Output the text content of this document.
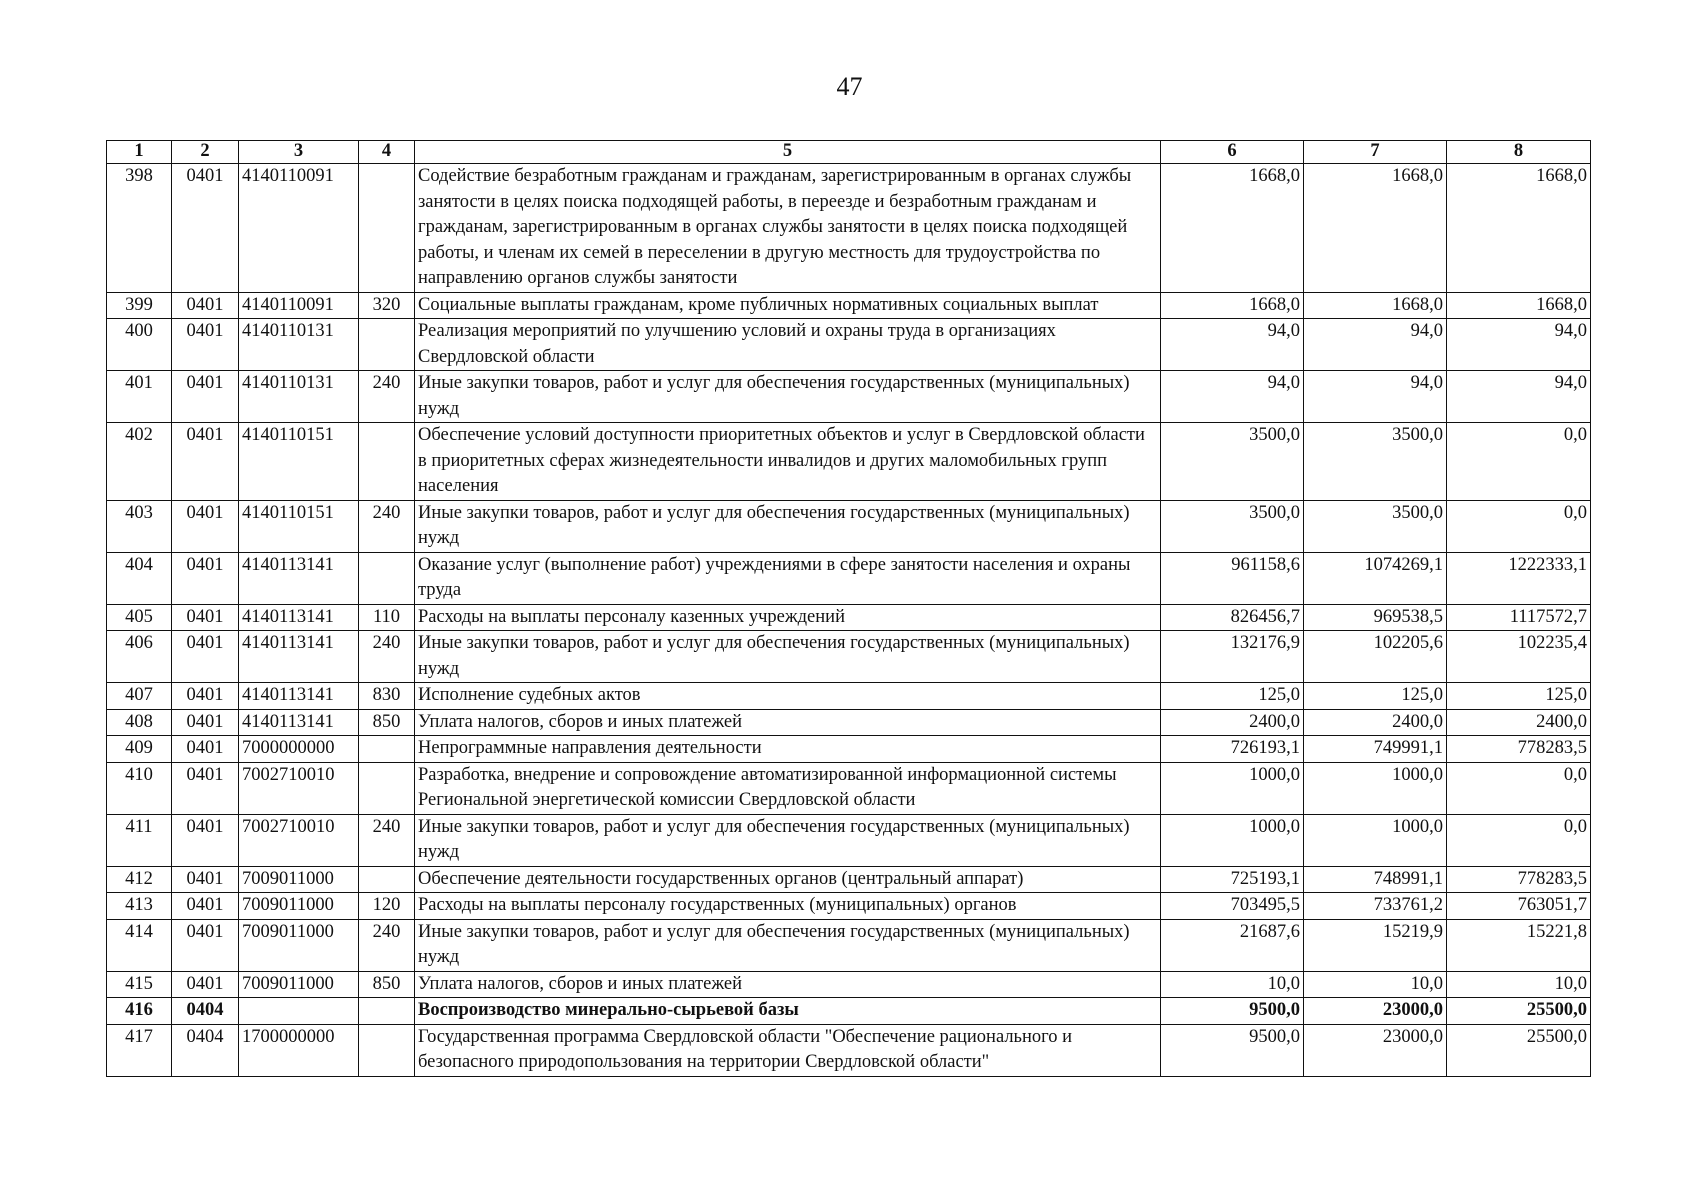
47
1	2	3	4	5	6	7	8
398	0401	4140110091		Содействие безработным гражданам и гражданам, зарегистрированным в органах службы занятости в целях поиска подходящей работы, в переезде и безработным гражданам и гражданам, зарегистрированным в органах службы занятости в целях поиска подходящей работы, и членам их семей в переселении в другую местность для трудоустройства по направлению органов службы занятости	1668,0	1668,0	1668,0
399	0401	4140110091	320	Социальные выплаты гражданам, кроме публичных нормативных социальных выплат	1668,0	1668,0	1668,0
400	0401	4140110131		Реализация мероприятий по улучшению условий и охраны труда в организациях Свердловской области	94,0	94,0	94,0
401	0401	4140110131	240	Иные закупки товаров, работ и услуг для обеспечения государственных (муниципальных) нужд	94,0	94,0	94,0
402	0401	4140110151		Обеспечение условий доступности приоритетных объектов и услуг в Свердловской области в приоритетных сферах жизнедеятельности инвалидов и других маломобильных групп населения	3500,0	3500,0	0,0
403	0401	4140110151	240	Иные закупки товаров, работ и услуг для обеспечения государственных (муниципальных) нужд	3500,0	3500,0	0,0
404	0401	4140113141		Оказание услуг (выполнение работ) учреждениями в сфере занятости населения и охраны труда	961158,6	1074269,1	1222333,1
405	0401	4140113141	110	Расходы на выплаты персоналу казенных учреждений	826456,7	969538,5	1117572,7
406	0401	4140113141	240	Иные закупки товаров, работ и услуг для обеспечения государственных (муниципальных) нужд	132176,9	102205,6	102235,4
407	0401	4140113141	830	Исполнение судебных актов	125,0	125,0	125,0
408	0401	4140113141	850	Уплата налогов, сборов и иных платежей	2400,0	2400,0	2400,0
409	0401	7000000000		Непрограммные направления деятельности	726193,1	749991,1	778283,5
410	0401	7002710010		Разработка, внедрение и сопровождение автоматизированной информационной системы Региональной энергетической комиссии Свердловской области	1000,0	1000,0	0,0
411	0401	7002710010	240	Иные закупки товаров, работ и услуг для обеспечения государственных (муниципальных) нужд	1000,0	1000,0	0,0
412	0401	7009011000		Обеспечение деятельности государственных органов (центральный аппарат)	725193,1	748991,1	778283,5
413	0401	7009011000	120	Расходы на выплаты персоналу государственных (муниципальных) органов	703495,5	733761,2	763051,7
414	0401	7009011000	240	Иные закупки товаров, работ и услуг для обеспечения государственных (муниципальных) нужд	21687,6	15219,9	15221,8
415	0401	7009011000	850	Уплата налогов, сборов и иных платежей	10,0	10,0	10,0
416	0404			Воспроизводство минерально-сырьевой базы	9500,0	23000,0	25500,0
417	0404	1700000000		Государственная программа Свердловской области "Обеспечение рационального и безопасного природопользования на территории Свердловской области"	9500,0	23000,0	25500,0
